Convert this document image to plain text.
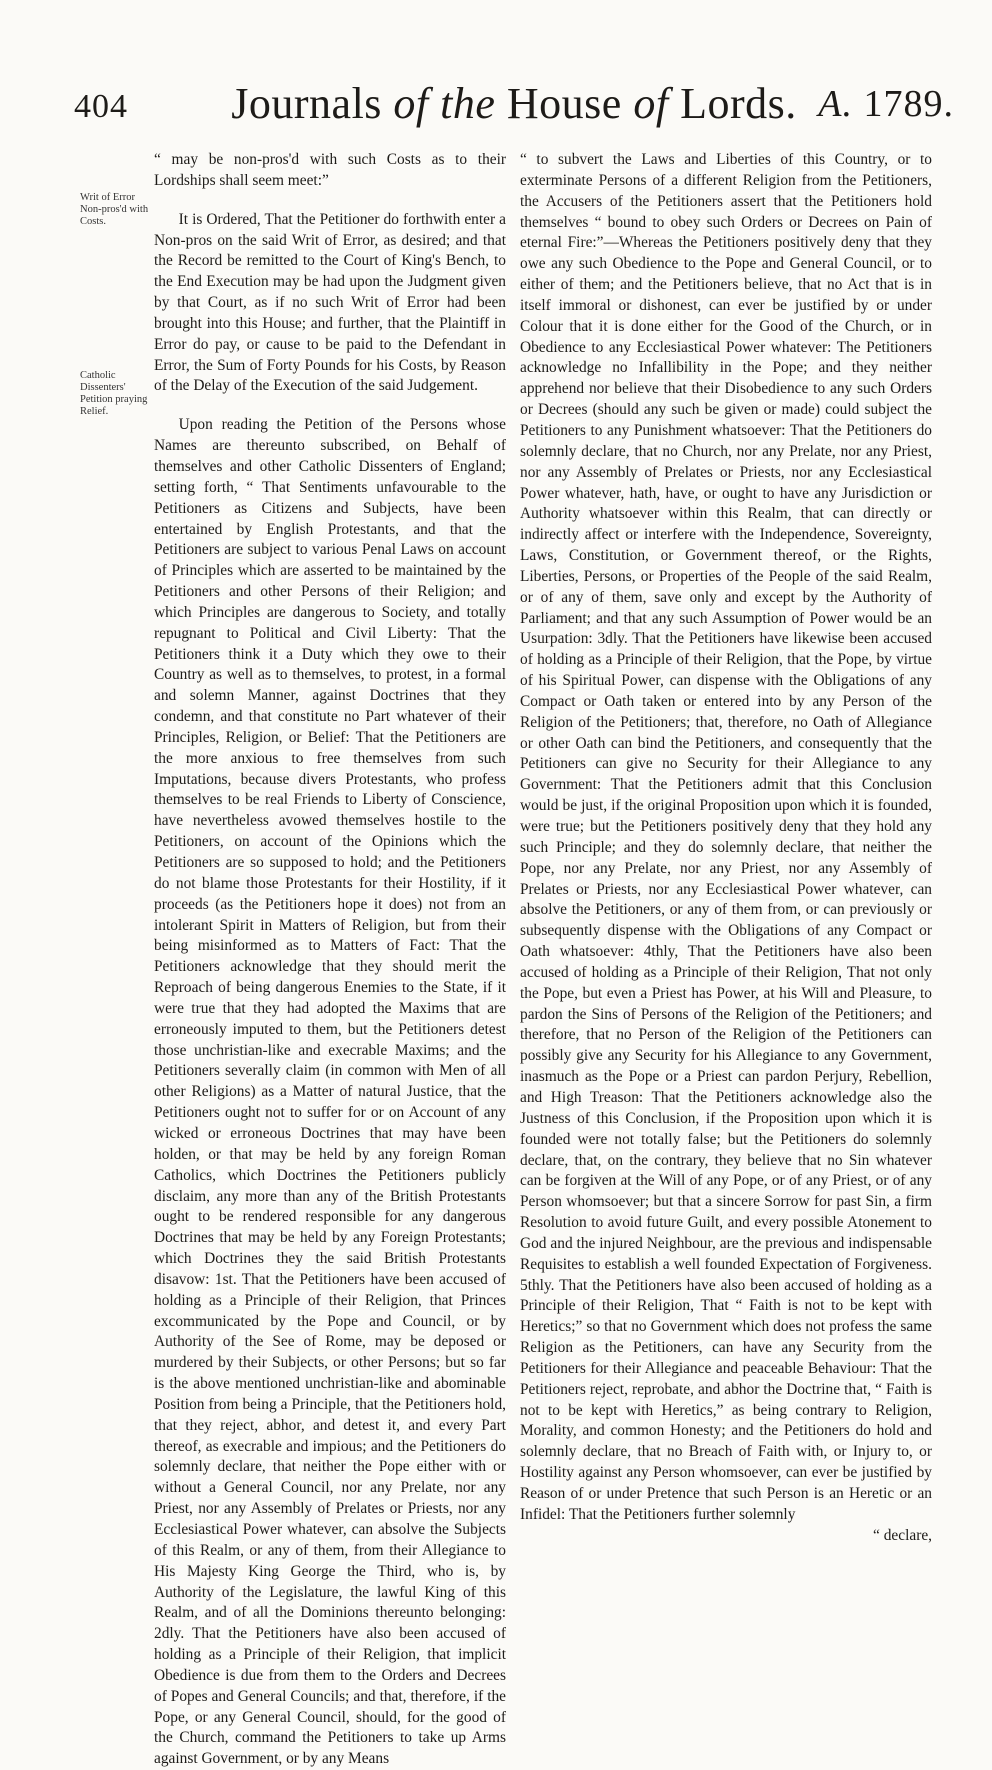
404	Journals of the House of Lords. A. 1789.
Writ of Error Non-pros'd with Costs.
Catholic Dissenters' Petition praying Relief.

“ may be non-pros'd with such Costs as to their Lordships shall seem meet:”

It is Ordered, That the Petitioner do forthwith enter a Non-pros on the said Writ of Error, as desired; and that the Record be remitted to the Court of King's Bench, to the End Execution may be had upon the Judgment given by that Court, as if no such Writ of Error had been brought into this House; and further, that the Plaintiff in Error do pay, or cause to be paid to the Defendant in Error, the Sum of Forty Pounds for his Costs, by Reason of the Delay of the Execution of the said Judgement.

Upon reading the Petition of the Persons whose Names are thereunto subscribed, on Behalf of themselves and other Catholic Dissenters of England; setting forth, “ That Sentiments unfavourable to the Petitioners as Citizens and Subjects, have been entertained by English Protestants, and that the Petitioners are subject to various Penal Laws on account of Principles which are asserted to be maintained by the Petitioners and other Persons of their Religion; and which Principles are dangerous to Society, and totally repugnant to Political and Civil Liberty: That the Petitioners think it a Duty which they owe to their Country as well as to themselves, to protest, in a formal and solemn Manner, against Doctrines that they condemn, and that constitute no Part whatever of their Principles, Religion, or Belief: That the Petitioners are the more anxious to free themselves from such Imputations, because divers Protestants, who profess themselves to be real Friends to Liberty of Conscience, have nevertheless avowed themselves hostile to the Petitioners, on account of the Opinions which the Petitioners are so supposed to hold; and the Petitioners do not blame those Protestants for their Hostility, if it proceeds (as the Petitioners hope it does) not from an intolerant Spirit in Matters of Religion, but from their being misinformed as to Matters of Fact: That the Petitioners acknowledge that they should merit the Reproach of being dangerous Enemies to the State, if it were true that they had adopted the Maxims that are erroneously imputed to them, but the Petitioners detest those unchristian-like and execrable Maxims; and the Petitioners severally claim (in common with Men of all other Religions) as a Matter of natural Justice, that the Petitioners ought not to suffer for or on Account of any wicked or erroneous Doctrines that may have been holden, or that may be held by any foreign Roman Catholics, which Doctrines the Petitioners publicly disclaim, any more than any of the British Protestants ought to be rendered responsible for any dangerous Doctrines that may be held by any Foreign Protestants; which Doctrines they the said British Protestants disavow: 1st. That the Petitioners have been accused of holding as a Principle of their Religion, that Princes excommunicated by the Pope and Council, or by Authority of the See of Rome, may be deposed or murdered by their Subjects, or other Persons; but so far is the above mentioned unchristian-like and abominable Position from being a Principle, that the Petitioners hold, that they reject, abhor, and detest it, and every Part thereof, as execrable and impious; and the Petitioners do solemnly declare, that neither the Pope either with or without a General Council, nor any Prelate, nor any Priest, nor any Assembly of Prelates or Priests, nor any Ecclesiastical Power whatever, can absolve the Subjects of this Realm, or any of them, from their Allegiance to His Majesty King George the Third, who is, by Authority of the Legislature, the lawful King of this Realm, and of all the Dominions thereunto belonging: 2dly. That the Petitioners have also been accused of holding as a Principle of their Religion, that implicit Obedience is due from them to the Orders and Decrees of Popes and General Councils; and that, therefore, if the Pope, or any General Council, should, for the good of the Church, command the Petitioners to take up Arms against Government, or by any Means

“ to subvert the Laws and Liberties of this Country, or to exterminate Persons of a different Religion from the Petitioners, the Accusers of the Petitioners assert that the Petitioners hold themselves “ bound to obey such Orders or Decrees on Pain of eternal Fire:”—Whereas the Petitioners positively deny that they owe any such Obedience to the Pope and General Council, or to either of them; and the Petitioners believe, that no Act that is in itself immoral or dishonest, can ever be justified by or under Colour that it is done either for the Good of the Church, or in Obedience to any Ecclesiastical Power whatever: The Petitioners acknowledge no Infallibility in the Pope; and they neither apprehend nor believe that their Disobedience to any such Orders or Decrees (should any such be given or made) could subject the Petitioners to any Punishment whatsoever: That the Petitioners do solemnly declare, that no Church, nor any Prelate, nor any Priest, nor any Assembly of Prelates or Priests, nor any Ecclesiastical Power whatever, hath, have, or ought to have any Jurisdiction or Authority whatsoever within this Realm, that can directly or indirectly affect or interfere with the Independence, Sovereignty, Laws, Constitution, or Government thereof, or the Rights, Liberties, Persons, or Properties of the People of the said Realm, or of any of them, save only and except by the Authority of Parliament; and that any such Assumption of Power would be an Usurpation: 3dly. That the Petitioners have likewise been accused of holding as a Principle of their Religion, that the Pope, by virtue of his Spiritual Power, can dispense with the Obligations of any Compact or Oath taken or entered into by any Person of the Religion of the Petitioners; that, therefore, no Oath of Allegiance or other Oath can bind the Petitioners, and consequently that the Petitioners can give no Security for their Allegiance to any Government: That the Petitioners admit that this Conclusion would be just, if the original Proposition upon which it is founded, were true; but the Petitioners positively deny that they hold any such Principle; and they do solemnly declare, that neither the Pope, nor any Prelate, nor any Priest, nor any Assembly of Prelates or Priests, nor any Ecclesiastical Power whatever, can absolve the Petitioners, or any of them from, or can previously or subsequently dispense with the Obligations of any Compact or Oath whatsoever: 4thly, That the Petitioners have also been accused of holding as a Principle of their Religion, That not only the Pope, but even a Priest has Power, at his Will and Pleasure, to pardon the Sins of Persons of the Religion of the Petitioners; and therefore, that no Person of the Religion of the Petitioners can possibly give any Security for his Allegiance to any Government, inasmuch as the Pope or a Priest can pardon Perjury, Rebellion, and High Treason: That the Petitioners acknowledge also the Justness of this Conclusion, if the Proposition upon which it is founded were not totally false; but the Petitioners do solemnly declare, that, on the contrary, they believe that no Sin whatever can be forgiven at the Will of any Pope, or of any Priest, or of any Person whomsoever; but that a sincere Sorrow for past Sin, a firm Resolution to avoid future Guilt, and every possible Atonement to God and the injured Neighbour, are the previous and indispensable Requisites to establish a well founded Expectation of Forgiveness. 5thly. That the Petitioners have also been accused of holding as a Principle of their Religion, That “ Faith is not to be kept with Heretics;” so that no Government which does not profess the same Religion as the Petitioners, can have any Security from the Petitioners for their Allegiance and peaceable Behaviour: That the Petitioners reject, reprobate, and abhor the Doctrine that, “ Faith is not to be kept with Heretics,” as being contrary to Religion, Morality, and common Honesty; and the Petitioners do hold and solemnly declare, that no Breach of Faith with, or Injury to, or Hostility against any Person whomsoever, can ever be justified by Reason of or under Pretence that such Person is an Heretic or an Infidel: That the Petitioners further solemnly

“ declare,
